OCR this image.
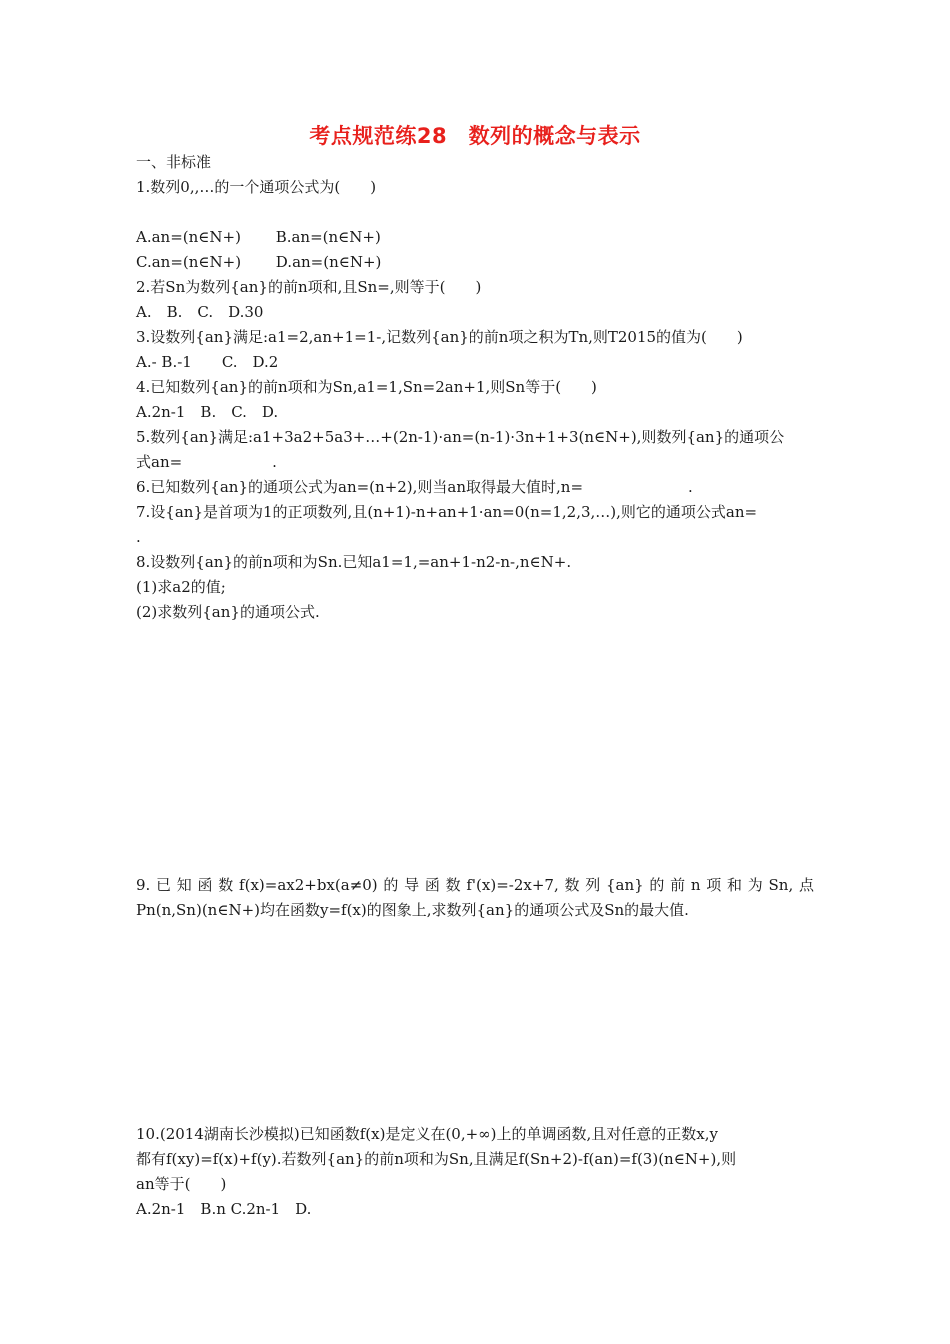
考点规范练28　数列的概念与表示
一、非标准
1.数列0,,…的一个通项公式为(　　)
A.an=(n∈N+)　　 B.an=(n∈N+)
C.an=(n∈N+)　　 D.an=(n∈N+)
2.若Sn为数列{an}的前n项和,且Sn=,则等于(　　)
A.　B.　C.　D.30
3.设数列{an}满足:a1=2,an+1=1-,记数列{an}的前n项之积为Tn,则T2015的值为(　　)
A.- B.-1　　C.　D.2
4.已知数列{an}的前n项和为Sn,a1=1,Sn=2an+1,则Sn等于(　　)
A.2n-1　B.　C.　D.
5.数列{an}满足:a1+3a2+5a3+…+(2n-1)·an=(n-1)·3n+1+3(n∈N+),则数列{an}的通项公
式an=　　　　　　.
6.已知数列{an}的通项公式为an=(n+2),则当an取得最大值时,n=　　　　　　　.
7.设{an}是首项为1的正项数列,且(n+1)-n+an+1·an=0(n=1,2,3,…),则它的通项公式an=
.
8.设数列{an}的前n项和为Sn.已知a1=1,=an+1-n2-n-,n∈N+.
(1)求a2的值;
(2)求数列{an}的通项公式.
9.已知函数f(x)=ax2+bx(a≠0)的导函数f'(x)=-2x+7,数列{an}的前n项和为Sn,点
Pn(n,Sn)(n∈N+)均在函数y=f(x)的图象上,求数列{an}的通项公式及Sn的最大值.
10.(2014湖南长沙模拟)已知函数f(x)是定义在(0,+∞)上的单调函数,且对任意的正数x,y
都有f(xy)=f(x)+f(y).若数列{an}的前n项和为Sn,且满足f(Sn+2)-f(an)=f(3)(n∈N+),则
an等于(　　)
A.2n-1　B.n C.2n-1　D.
